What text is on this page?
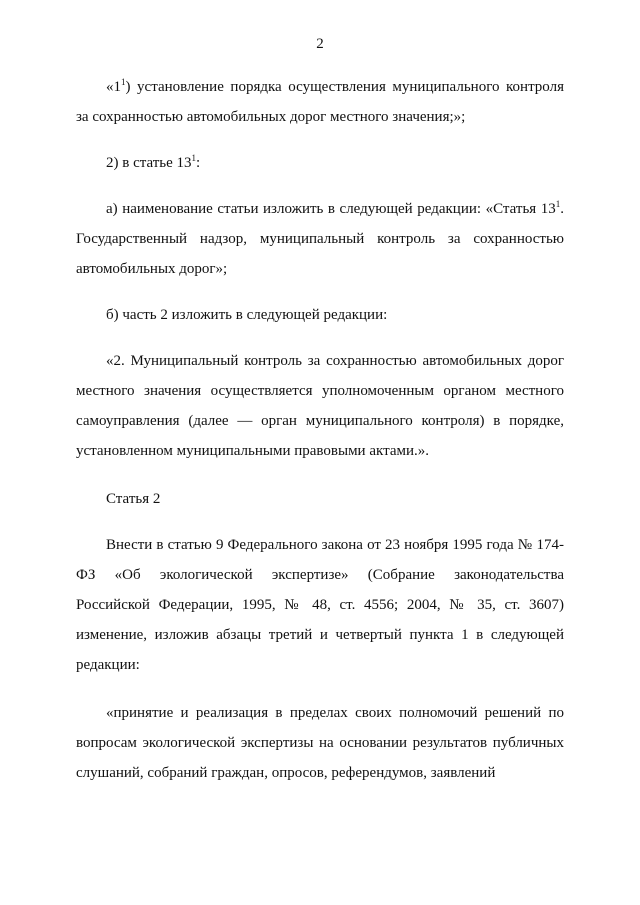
2

«$1^1$) установление порядка осуществления муниципального контроля за сохранностью автомобильных дорог местного значения;»;

2) в статье $13^1$:

а) наименование статьи изложить в следующей редакции: «Статья $13^1$. Государственный надзор, муниципальный контроль за сохранностью автомобильных дорог»;

б) часть 2 изложить в следующей редакции:

«2. Муниципальный контроль за сохранностью автомобильных дорог местного значения осуществляется уполномоченным органом местного самоуправления (далее — орган муниципального контроля) в порядке, установленном муниципальными правовыми актами.».

Статья 2

Внести в статью 9 Федерального закона от 23 ноября 1995 года № 174-ФЗ «Об экологической экспертизе» (Собрание законодательства Российской Федерации, 1995, № 48, ст. 4556; 2004, № 35, ст. 3607) изменение, изложив абзацы третий и четвертый пункта 1 в следующей редакции:

«принятие и реализация в пределах своих полномочий решений по вопросам экологической экспертизы на основании результатов публичных слушаний, собраний граждан, опросов, референдумов, заявлений
